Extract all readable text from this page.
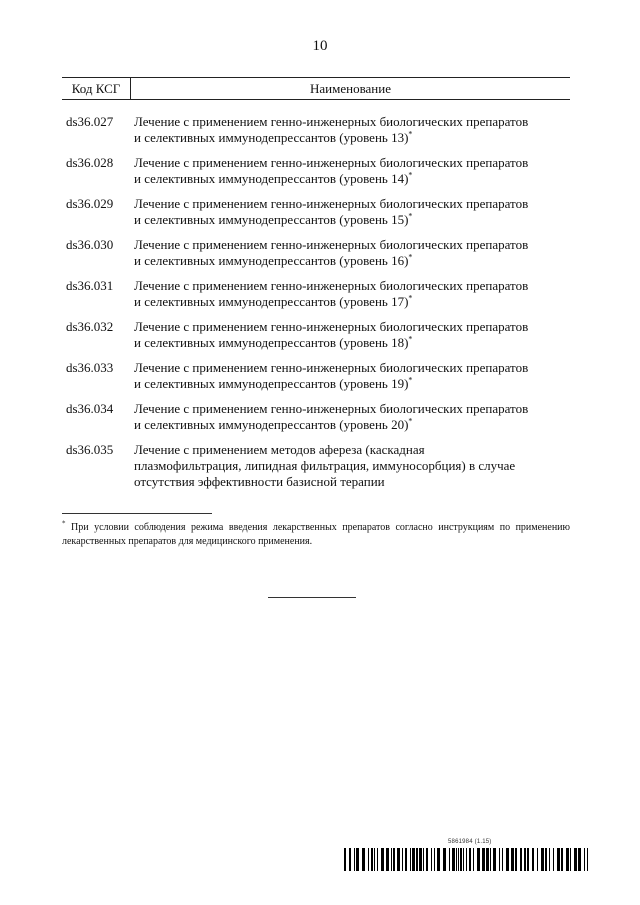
10
Код КСГ	Наименование
ds36.027	Лечение с применением генно-инженерных биологических препаратов
и селективных иммунодепрессантов (уровень 13)*
ds36.028	Лечение с применением генно-инженерных биологических препаратов
и селективных иммунодепрессантов (уровень 14)*
ds36.029	Лечение с применением генно-инженерных биологических препаратов
и селективных иммунодепрессантов (уровень 15)*
ds36.030	Лечение с применением генно-инженерных биологических препаратов
и селективных иммунодепрессантов (уровень 16)*
ds36.031	Лечение с применением генно-инженерных биологических препаратов
и селективных иммунодепрессантов (уровень 17)*
ds36.032	Лечение с применением генно-инженерных биологических препаратов
и селективных иммунодепрессантов (уровень 18)*
ds36.033	Лечение с применением генно-инженерных биологических препаратов
и селективных иммунодепрессантов (уровень 19)*
ds36.034	Лечение с применением генно-инженерных биологических препаратов
и селективных иммунодепрессантов (уровень 20)*
ds36.035	Лечение с применением методов афереза (каскадная
плазмофильтрация, липидная фильтрация, иммуносорбция) в случае
отсутствия эффективности базисной терапии
* При условии соблюдения режима введения лекарственных препаратов согласно инструкциям по применению лекарственных препаратов для медицинского применения.
5861984 (1.15)
